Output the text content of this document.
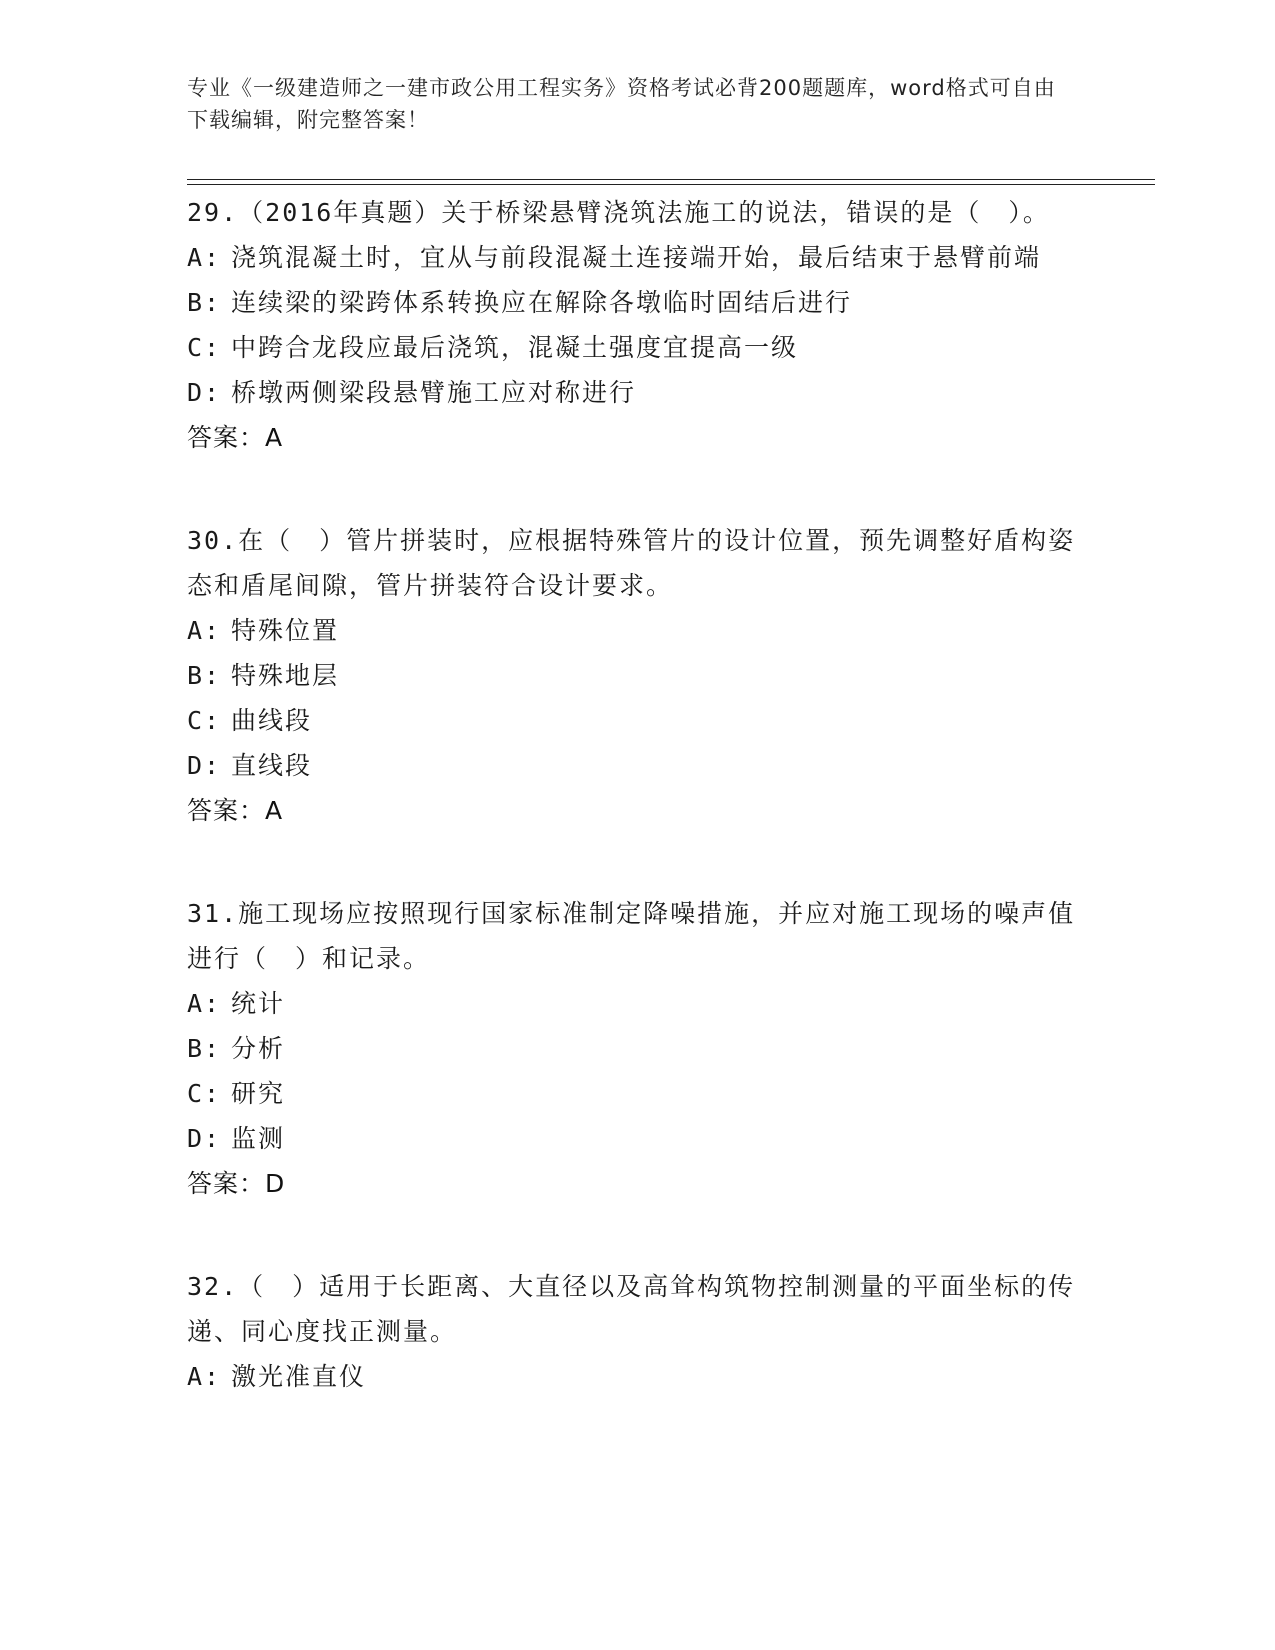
专业《一级建造师之一建市政公用工程实务》资格考试必背200题题库，word格式可自由下载编辑，附完整答案！

29.（2016年真题）关于桥梁悬臂浇筑法施工的说法，错误的是（　）。

A: 浇筑混凝土时，宜从与前段混凝土连接端开始，最后结束于悬臂前端
B: 连续梁的梁跨体系转换应在解除各墩临时固结后进行
C: 中跨合龙段应最后浇筑，混凝土强度宜提高一级
D: 桥墩两侧梁段悬臂施工应对称进行
答案：A

30.在（　）管片拼装时，应根据特殊管片的设计位置，预先调整好盾构姿态和盾尾间隙，管片拼装符合设计要求。

A: 特殊位置
B: 特殊地层
C: 曲线段
D: 直线段
答案：A

31.施工现场应按照现行国家标准制定降噪措施，并应对施工现场的噪声值进行（　）和记录。

A: 统计
B: 分析
C: 研究
D: 监测
答案：D

32.（　）适用于长距离、大直径以及高耸构筑物控制测量的平面坐标的传递、同心度找正测量。

A: 激光准直仪
